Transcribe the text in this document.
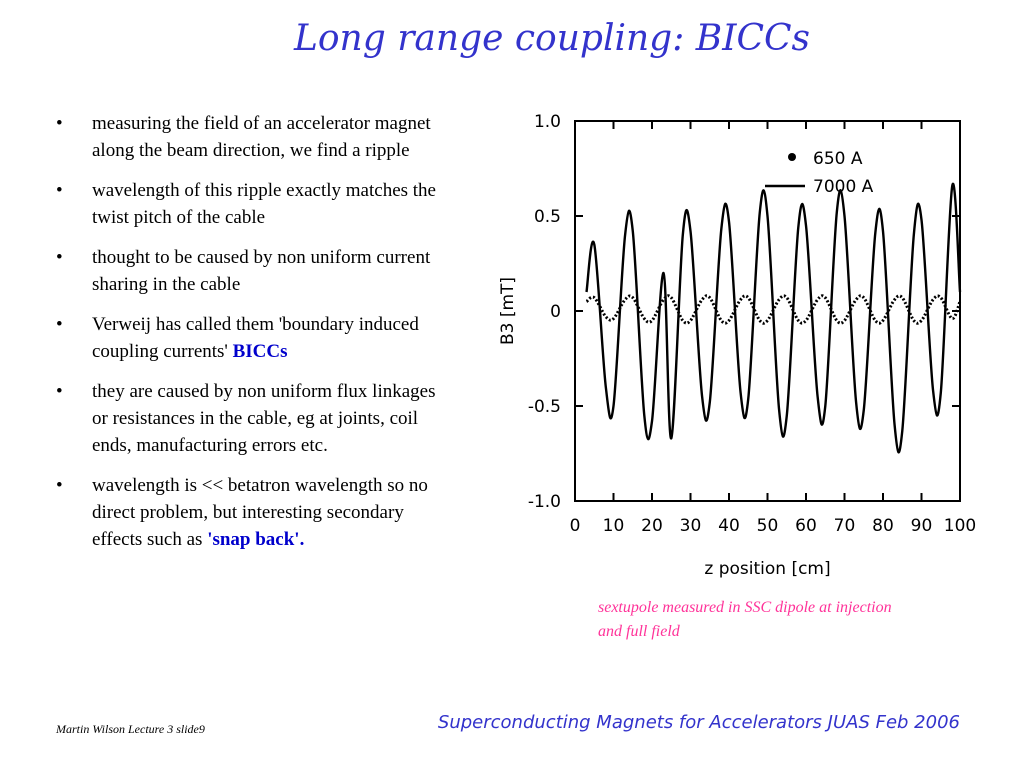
Long range coupling: BICCs
• measuring the field of an accelerator magnet along the beam direction, we find a ripple
• wavelength of this ripple exactly matches the twist pitch of the cable
• thought to be caused by non uniform current sharing in the cable
• Verweij has called them 'boundary induced coupling currents' BICCs
• they are caused by non uniform flux linkages or resistances in the cable, eg at joints, coil ends, manufacturing errors etc.
• wavelength is << betatron wavelength so no direct problem, but interesting secondary effects such as 'snap back'.
0 10 20 30 40 50 60 70 80 90 100
1.0
0.5
0
-0.5
-1.0
z position [cm]
B3 [mT]
650 A
7000 A
sextupole measured in SSC dipole at injection and full field
Martin Wilson Lecture 3 slide9	Superconducting Magnets for Accelerators JUAS Feb 2006
